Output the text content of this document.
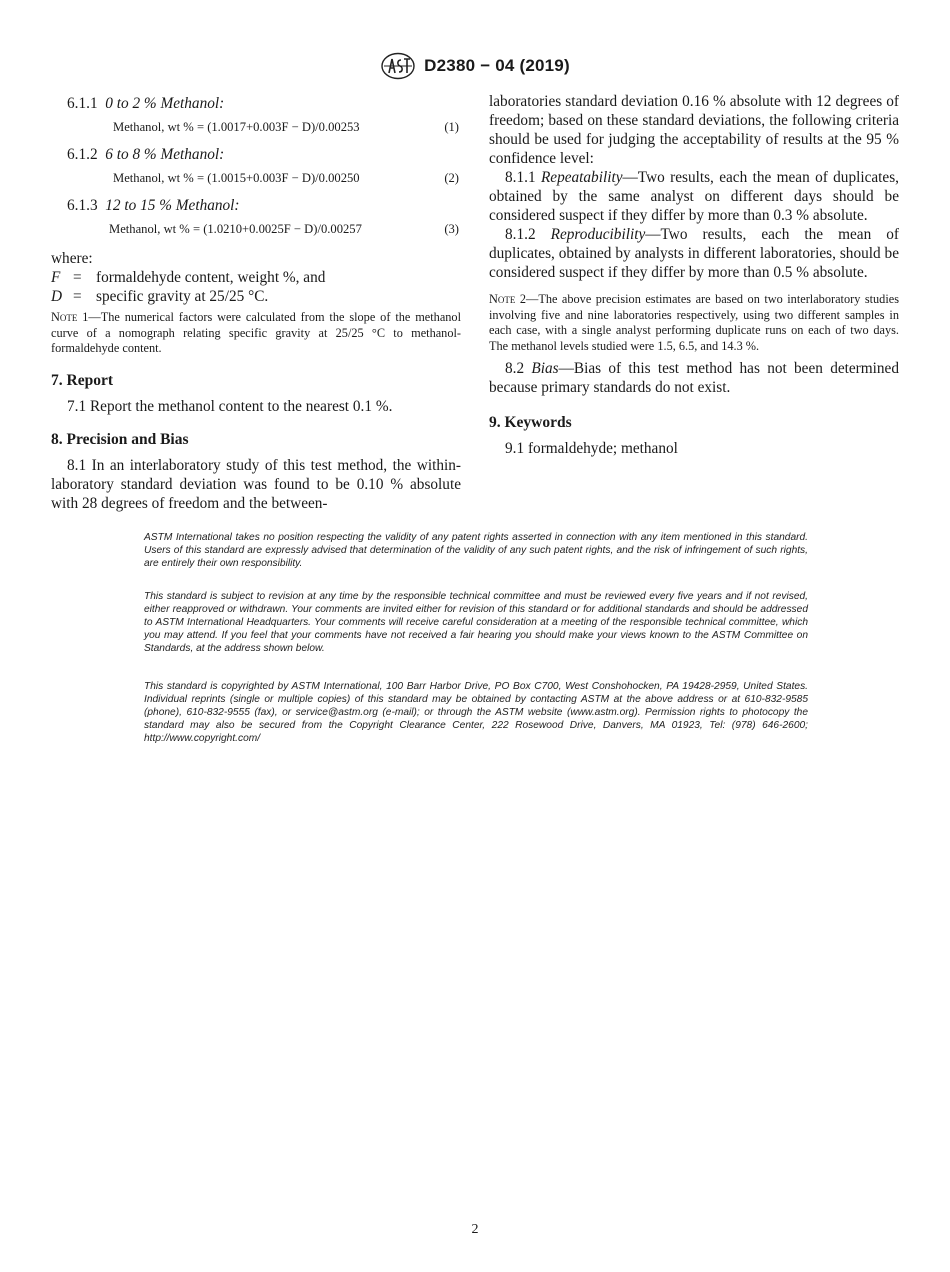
D2380 − 04 (2019)
6.1.1 0 to 2 % Methanol:
Methanol, wt % = (1.0017+0.003F − D)/0.00253	(1)
6.1.2 6 to 8 % Methanol:
Methanol, wt % = (1.0015+0.003F − D)/0.00250	(2)
6.1.3 12 to 15 % Methanol:
Methanol, wt % = (1.0210+0.0025F − D)/0.00257	(3)

where:

F = formaldehyde content, weight %, and
D = specific gravity at 25/25 °C.
Note 1—The numerical factors were calculated from the slope of the methanol curve of a nomograph relating specific gravity at 25/25 °C to methanol-formaldehyde content.
7. Report

7.1 Report the methanol content to the nearest 0.1 %.

8. Precision and Bias

8.1 In an interlaboratory study of this test method, the within-laboratory standard deviation was found to be 0.10 % absolute with 28 degrees of freedom and the between-

laboratories standard deviation 0.16 % absolute with 12 degrees of freedom; based on these standard deviations, the following criteria should be used for judging the acceptability of results at the 95 % confidence level:

8.1.1 Repeatability—Two results, each the mean of duplicates, obtained by the same analyst on different days should be considered suspect if they differ by more than 0.3 % absolute.

8.1.2 Reproducibility—Two results, each the mean of duplicates, obtained by analysts in different laboratories, should be considered suspect if they differ by more than 0.5 % absolute.

Note 2—The above precision estimates are based on two interlaboratory studies involving five and nine laboratories respectively, using two different samples in each case, with a single analyst performing duplicate runs on each of two days. The methanol levels studied were 1.5, 6.5, and 14.3 %.

8.2 Bias—Bias of this test method has not been determined because primary standards do not exist.

9. Keywords

9.1 formaldehyde; methanol

ASTM International takes no position respecting the validity of any patent rights asserted in connection with any item mentioned in this standard. Users of this standard are expressly advised that determination of the validity of any such patent rights, and the risk of infringement of such rights, are entirely their own responsibility.
This standard is subject to revision at any time by the responsible technical committee and must be reviewed every five years and if not revised, either reapproved or withdrawn. Your comments are invited either for revision of this standard or for additional standards and should be addressed to ASTM International Headquarters. Your comments will receive careful consideration at a meeting of the responsible technical committee, which you may attend. If you feel that your comments have not received a fair hearing you should make your views known to the ASTM Committee on Standards, at the address shown below.
This standard is copyrighted by ASTM International, 100 Barr Harbor Drive, PO Box C700, West Conshohocken, PA 19428-2959, United States. Individual reprints (single or multiple copies) of this standard may be obtained by contacting ASTM at the above address or at 610-832-9585 (phone), 610-832-9555 (fax), or service@astm.org (e-mail); or through the ASTM website (www.astm.org). Permission rights to photocopy the standard may also be secured from the Copyright Clearance Center, 222 Rosewood Drive, Danvers, MA 01923, Tel: (978) 646-2600; http://www.copyright.com/
2
